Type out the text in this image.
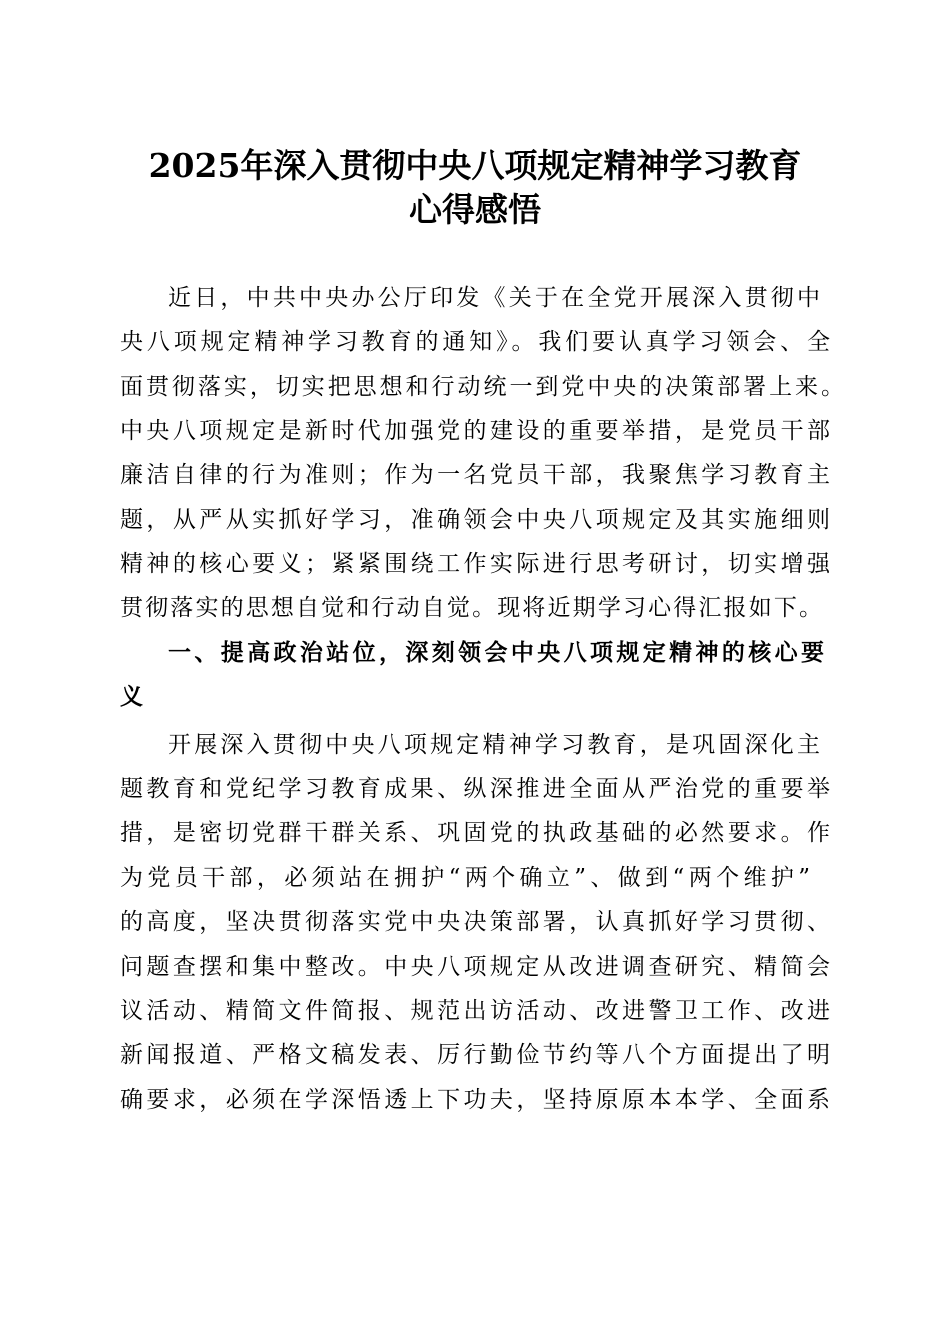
2025年深入贯彻中央八项规定精神学习教育
心得感悟
近日，中共中央办公厅印发《关于在全党开展深入贯彻中
央八项规定精神学习教育的通知》。我们要认真学习领会、全
面贯彻落实，切实把思想和行动统一到党中央的决策部署上来。
中央八项规定是新时代加强党的建设的重要举措，是党员干部
廉洁自律的行为准则；作为一名党员干部，我聚焦学习教育主
题，从严从实抓好学习，准确领会中央八项规定及其实施细则
精神的核心要义；紧紧围绕工作实际进行思考研讨，切实增强
贯彻落实的思想自觉和行动自觉。现将近期学习心得汇报如下。
一、提高政治站位，深刻领会中央八项规定精神的核心要
义
开展深入贯彻中央八项规定精神学习教育，是巩固深化主
题教育和党纪学习教育成果、纵深推进全面从严治党的重要举
措，是密切党群干群关系、巩固党的执政基础的必然要求。作
为党员干部，必须站在拥护“两个确立”、做到“两个维护”
的高度，坚决贯彻落实党中央决策部署，认真抓好学习贯彻、
问题查摆和集中整改。中央八项规定从改进调查研究、精简会
议活动、精简文件简报、规范出访活动、改进警卫工作、改进
新闻报道、严格文稿发表、厉行勤俭节约等八个方面提出了明
确要求，必须在学深悟透上下功夫，坚持原原本本学、全面系
